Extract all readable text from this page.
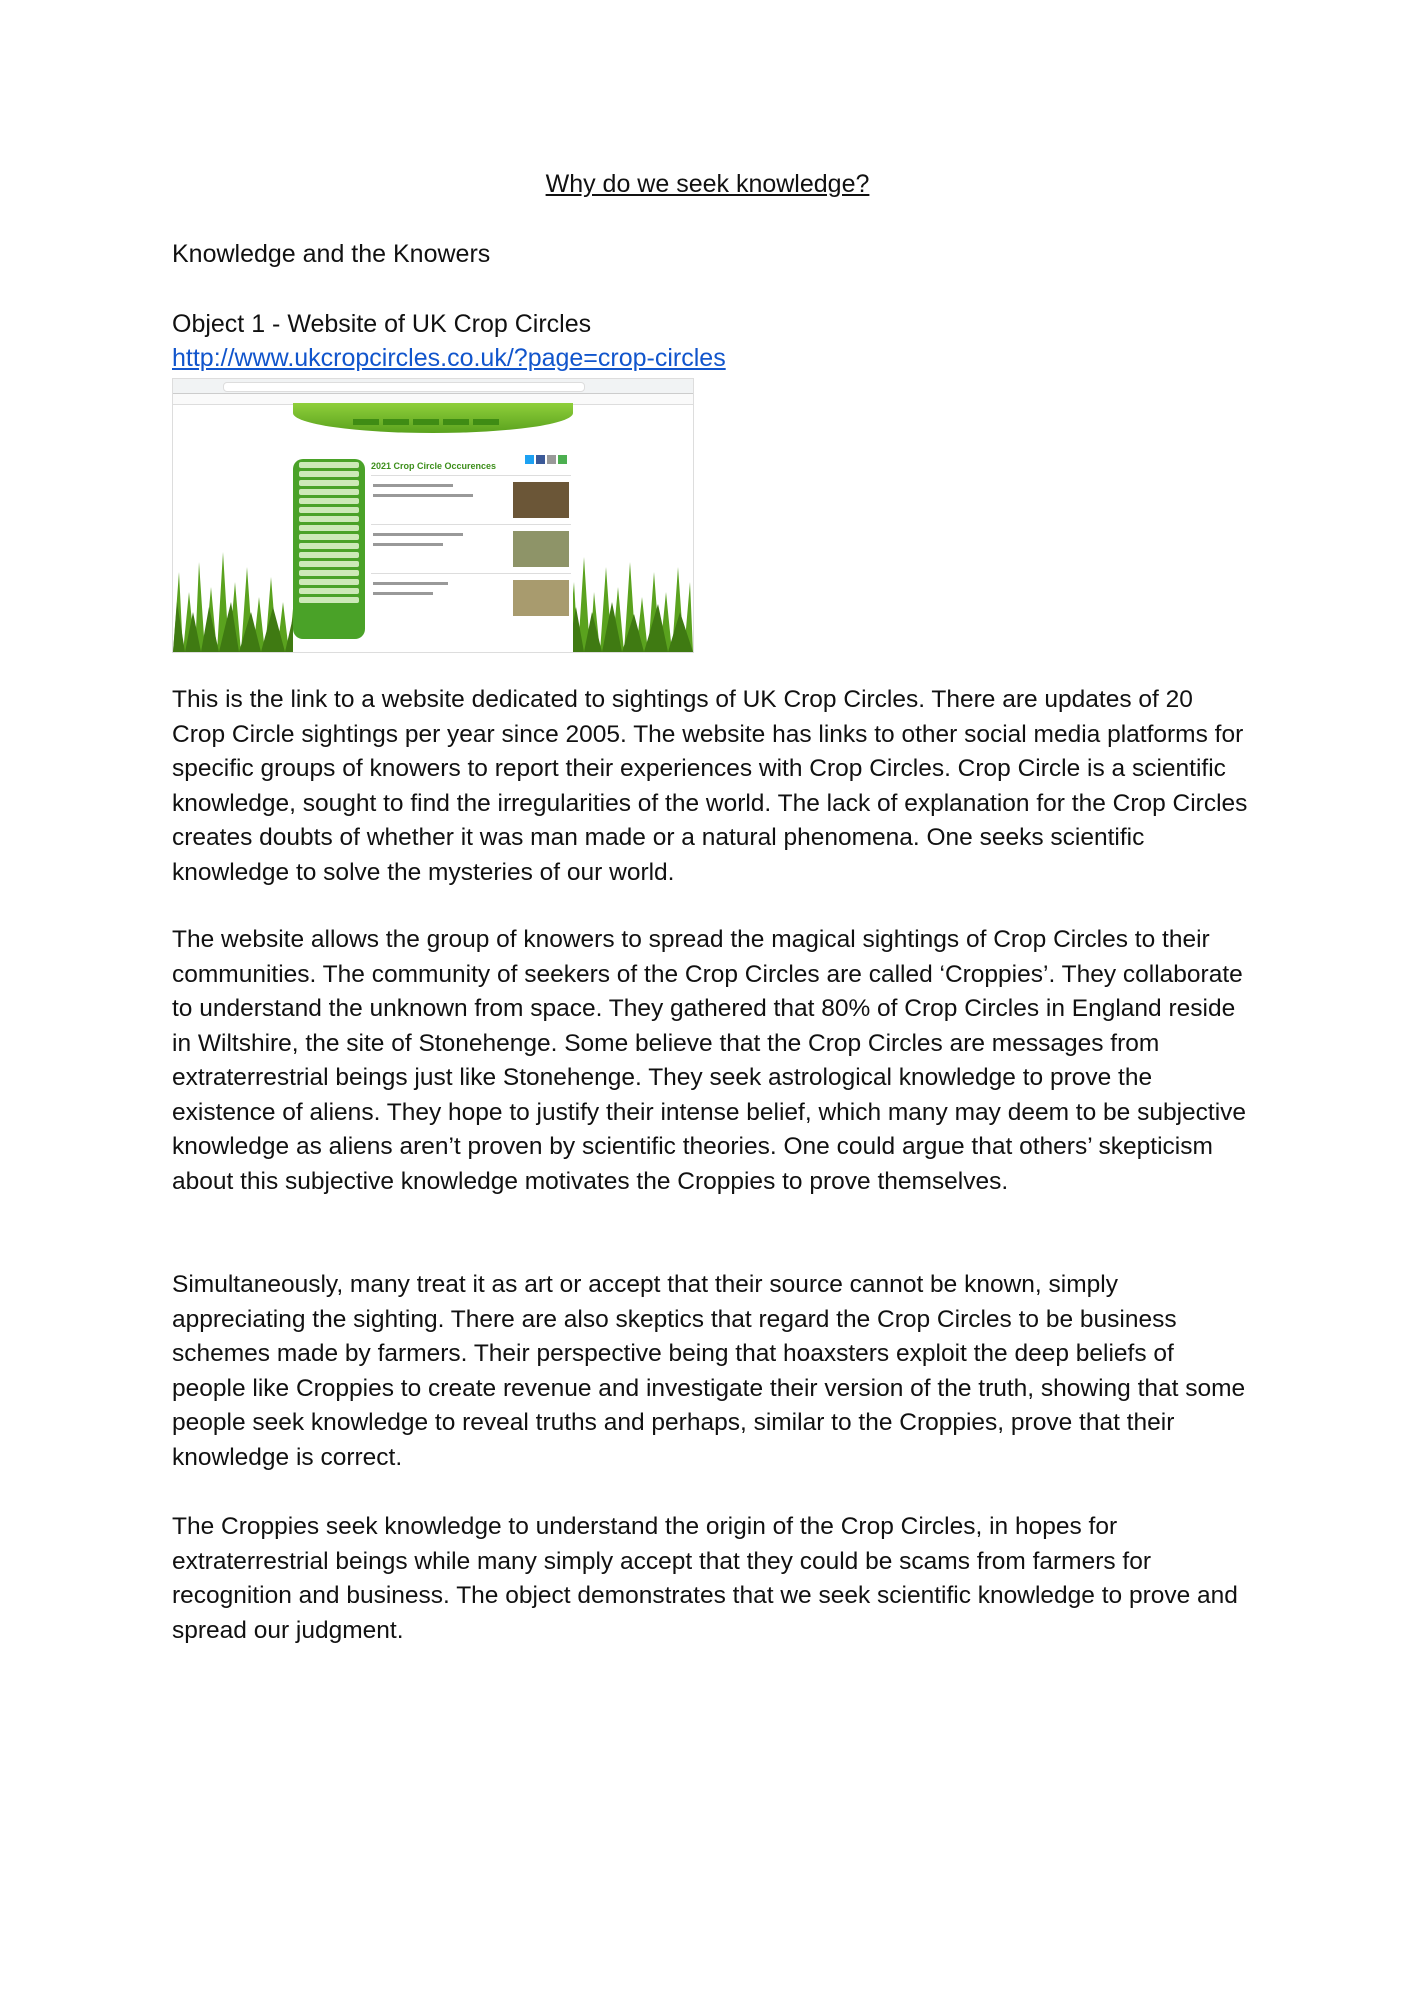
Why do we seek knowledge?

Knowledge and the Knowers

Object 1 - Website of UK Crop Circles

http://www.ukcropcircles.co.uk/?page=crop-circles
2021 Crop Circle Occurences

This is the link to a website dedicated to sightings of UK Crop Circles. There are updates of 20 Crop Circle sightings per year since 2005. The website has links to other social media platforms for specific groups of knowers to report their experiences with Crop Circles. Crop Circle is a scientific knowledge, sought to find the irregularities of the world. The lack of explanation for the Crop Circles creates doubts of whether it was man made or a natural phenomena. One seeks scientific knowledge to solve the mysteries of our world.

The website allows the group of knowers to spread the magical sightings of Crop Circles to their communities. The community of seekers of the Crop Circles are called ‘Croppies’. They collaborate to understand the unknown from space. They gathered that 80% of Crop Circles in England reside in Wiltshire, the site of Stonehenge. Some believe that the Crop Circles are messages from extraterrestrial beings just like Stonehenge. They seek astrological knowledge to prove the existence of aliens. They hope to justify their intense belief, which many may deem to be subjective knowledge as aliens aren’t proven by scientific theories. One could argue that others’ skepticism about this subjective knowledge motivates the Croppies to prove themselves.

Simultaneously, many treat it as art or accept that their source cannot be known, simply appreciating the sighting. There are also skeptics that regard the Crop Circles to be business schemes made by farmers. Their perspective being that hoaxsters exploit the deep beliefs of people like Croppies to create revenue and investigate their version of the truth, showing that some people seek knowledge to reveal truths and perhaps, similar to the Croppies, prove that their knowledge is correct.

The Croppies seek knowledge to understand the origin of the Crop Circles, in hopes for extraterrestrial beings while many simply accept that they could be scams from farmers for recognition and business. The object demonstrates that we seek scientific knowledge to prove and spread our judgment.
